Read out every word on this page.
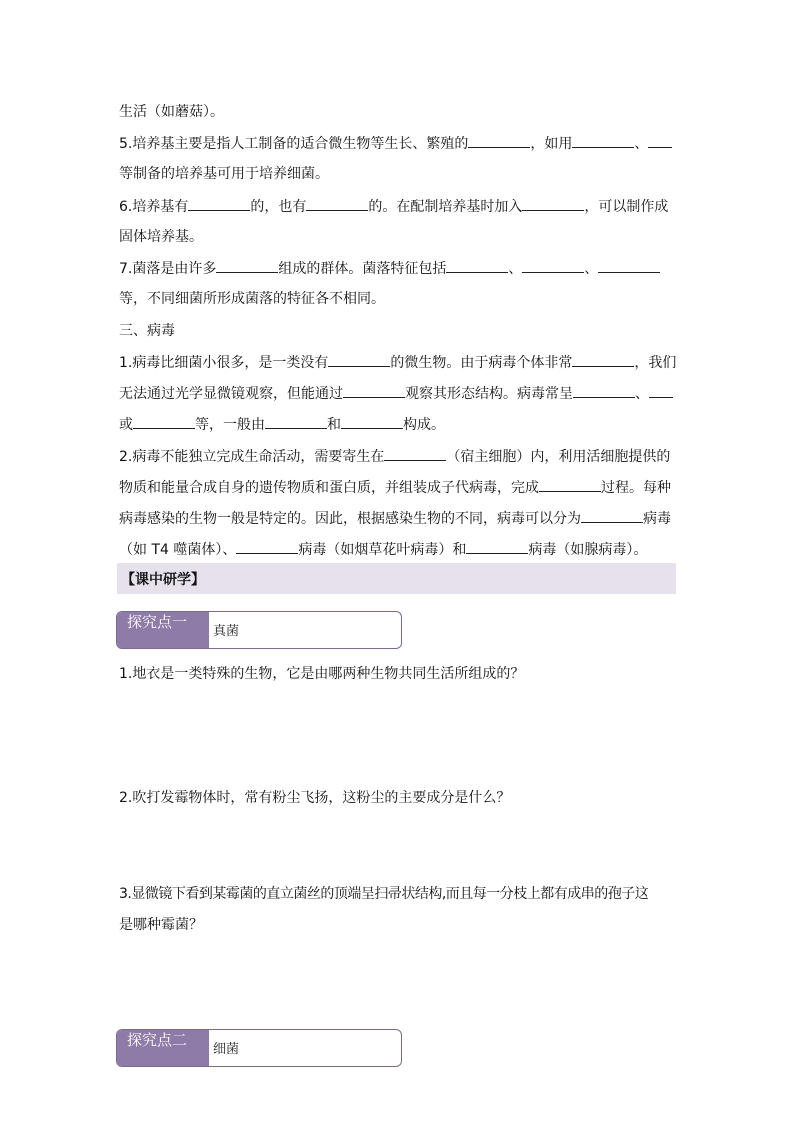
生活（如蘑菇）。
5.培养基主要是指人工制备的适合微生物等生长、繁殖的	，如用	、
等制备的培养基可用于培养细菌。
6.培养基有	的，也有	的。在配制培养基时加入	，可以制作成
固体培养基。
7.菌落是由许多	组成的群体。菌落特征包括	、	、
等，不同细菌所形成菌落的特征各不相同。
三、病毒
1.病毒比细菌小很多，是一类没有	的微生物。由于病毒个体非常	，我们
无法通过光学显微镜观察，但能通过	观察其形态结构。病毒常呈	、
或	等，一般由	和	构成。
2.病毒不能独立完成生命活动，需要寄生在	（宿主细胞）内，利用活细胞提供的
物质和能量合成自身的遗传物质和蛋白质，并组装成子代病毒，完成	过程。每种
病毒感染的生物一般是特定的。因此，根据感染生物的不同，病毒可以分为	病毒
（如 T4 噬菌体）、	病毒（如烟草花叶病毒）和	病毒（如腺病毒）。
【课中研学】
探究点一
真菌
1.地衣是一类特殊的生物，它是由哪两种生物共同生活所组成的？
2.吹打发霉物体时，常有粉尘飞扬，这粉尘的主要成分是什么？
3.显微镜下看到某霉菌的直立菌丝的顶端呈扫帚状结构,而且每一分枝上都有成串的孢子这
是哪种霉菌？
探究点二
细菌
